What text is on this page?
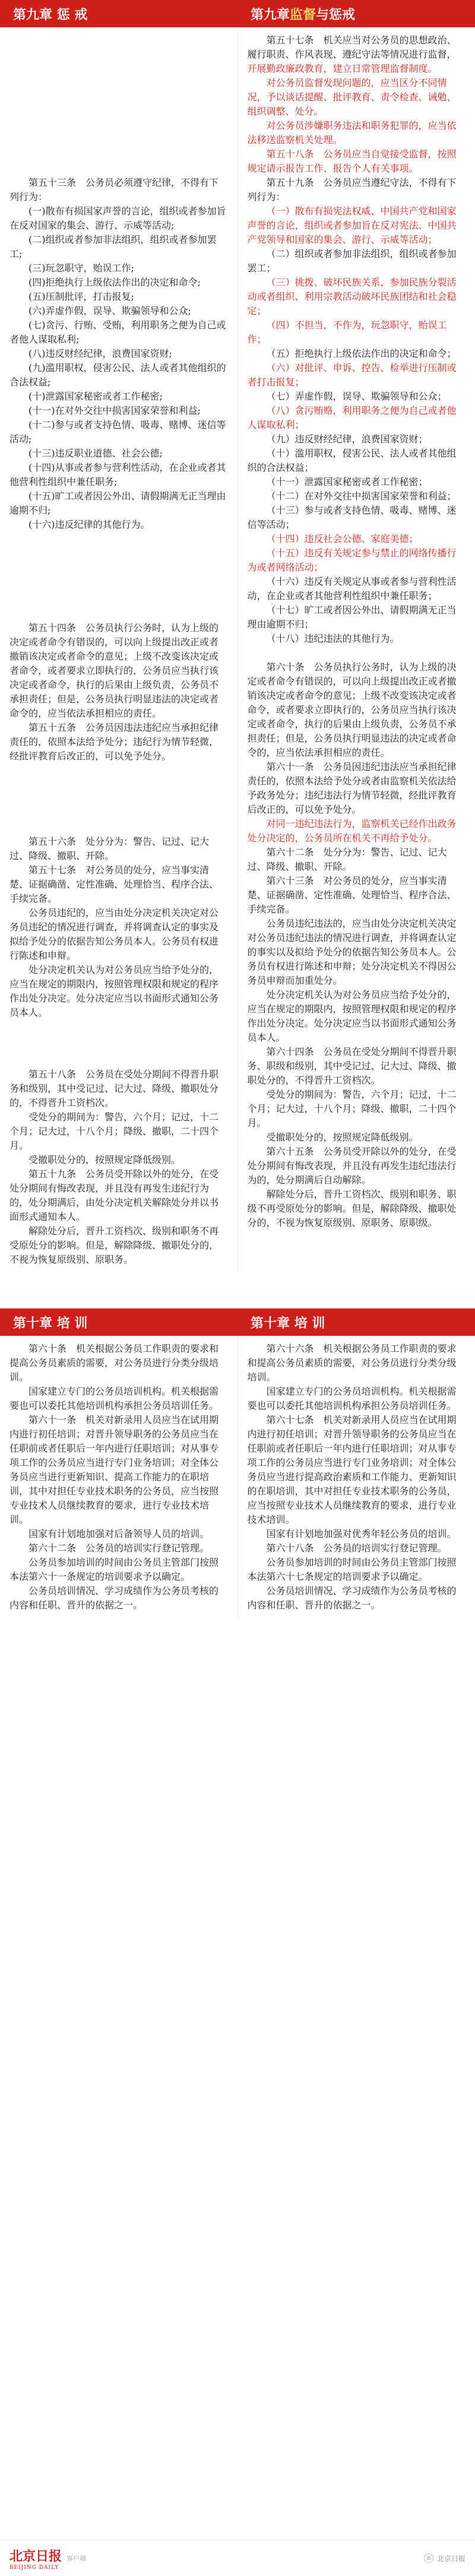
第九章 惩 戒	第九章 监督 与惩戒

第五十三条　公务员必须遵守纪律，不得有下列行为：

(一)散布有损国家声誉的言论，组织或者参加旨在反对国家的集会、游行、示威等活动;

(二)组织或者参加非法组织，组织或者参加罢工;

(三)玩忽职守，贻误工作;

(四)拒绝执行上级依法作出的决定和命令;

(五)压制批评，打击报复;

(六)弄虚作假，误导、欺骗领导和公众;

(七)贪污、行贿、受贿，利用职务之便为自己或者他人谋取私利;

(八)违反财经纪律，浪费国家资财;

(九)滥用职权，侵害公民、法人或者其他组织的合法权益;

(十)泄露国家秘密或者工作秘密;

(十一)在对外交往中损害国家荣誉和利益;

(十二)参与或者支持色情、吸毒、赌博、迷信等活动;

(十三)违反职业道德、社会公德;

(十四)从事或者参与营利性活动，在企业或者其他营利性组织中兼任职务;

(十五)旷工或者因公外出、请假期满无正当理由逾期不归;

(十六)违反纪律的其他行为。

第五十四条　公务员执行公务时，认为上级的决定或者命令有错误的，可以向上级提出改正或者撤销该决定或者命令的意见；上级不改变该决定或者命令，或者要求立即执行的，公务员应当执行该决定或者命令，执行的后果由上级负责，公务员不承担责任；但是，公务员执行明显违法的决定或者命令的，应当依法承担相应的责任。

第五十五条　公务员因违法违纪应当承担纪律责任的，依照本法给予处分；违纪行为情节轻微，经批评教育后改正的，可以免予处分。

第五十六条　处分分为：警告、记过、记大过、降级、撤职、开除。

第五十七条　对公务员的处分，应当事实清楚、证据确凿、定性准确、处理恰当、程序合法、手续完备。

公务员违纪的，应当由处分决定机关决定对公务员违纪的情况进行调查，并将调查认定的事实及拟给予处分的依据告知公务员本人。公务员有权进行陈述和申辩。

处分决定机关认为对公务员应当给予处分的，应当在规定的期限内，按照管理权限和规定的程序作出处分决定。处分决定应当以书面形式通知公务员本人。

第五十八条　公务员在受处分期间不得晋升职务和级别，其中受记过、记大过、降级、撤职处分的，不得晋升工资档次。

受处分的期间为：警告，六个月；记过，十二个月；记大过，十八个月；降级、撤职，二十四个月。

受撤职处分的，按照规定降低级别。

第五十九条　公务员受开除以外的处分，在受处分期间有悔改表现，并且没有再发生违纪行为的，处分期满后，由处分决定机关解除处分并以书面形式通知本人。

解除处分后，晋升工资档次、级别和职务不再受原处分的影响。但是，解除降级、撤职处分的，不视为恢复原级别、原职务。

第五十七条　机关应当对公务员的思想政治、履行职责、作风表现、遵纪守法等情况进行监督，开展勤政廉政教育，建立日常管理监督制度。

对公务员监督发现问题的，应当区分不同情况，予以谈话提醒、批评教育、责令检查、诫勉、组织调整、处分。

对公务员涉嫌职务违法和职务犯罪的，应当依法移送监察机关处理。

第五十八条　公务员应当自觉接受监督，按照规定请示报告工作、报告个人有关事项。

第五十九条　公务员应当遵纪守法，不得有下列行为：

（一）散布有损宪法权威、中国共产党和国家声誉的言论，组织或者参加旨在反对宪法、中国共产党领导和国家的集会、游行、示威等活动；

（二）组织或者参加非法组织，组织或者参加罢工；

（三）挑拨、破坏民族关系，参加民族分裂活动或者组织、利用宗教活动破坏民族团结和社会稳定；

（四）不担当，不作为，玩忽职守，贻误工作；

（五）拒绝执行上级依法作出的决定和命令；

（六）对批评、申诉、控告、检举进行压制或者打击报复；

（七）弄虚作假，误导、欺骗领导和公众；

（八）贪污贿赂，利用职务之便为自己或者他人谋取私利；

（九）违反财经纪律，浪费国家资财；

（十）滥用职权，侵害公民、法人或者其他组织的合法权益；

（十一）泄露国家秘密或者工作秘密；

（十二）在对外交往中损害国家荣誉和利益；

（十三）参与或者支持色情、吸毒、赌博、迷信等活动；

（十四）违反社会公德、家庭美德；

（十五）违反有关规定参与禁止的网络传播行为或者网络活动；

（十六）违反有关规定从事或者参与营利性活动，在企业或者其他营利性组织中兼任职务；

（十七）旷工或者因公外出、请假期满无正当理由逾期不归；

（十八）违纪违法的其他行为。

第六十条　公务员执行公务时，认为上级的决定或者命令有错误的，可以向上级提出改正或者撤销该决定或者命令的意见；上级不改变该决定或者命令，或者要求立即执行的，公务员应当执行该决定或者命令，执行的后果由上级负责，公务员不承担责任；但是，公务员执行明显违法的决定或者命令的，应当依法承担相应的责任。

第六十一条　公务员因违纪违法应当承担纪律责任的，依照本法给予处分或者由监察机关依法给予政务处分；违纪违法行为情节轻微，经批评教育后改正的，可以免予处分。

对同一违纪违法行为，监察机关已经作出政务处分决定的，公务员所在机关不再给予处分。

第六十二条　处分分为：警告、记过、记大过、降级、撤职、开除。

第六十三条　对公务员的处分，应当事实清楚、证据确凿、定性准确、处理恰当、程序合法、手续完备。

公务员违纪违法的，应当由处分决定机关决定对公务员违纪违法的情况进行调查，并将调查认定的事实以及拟给予处分的依据告知公务员本人。公务员有权进行陈述和申辩；处分决定机关不得因公务员申辩而加重处分。

处分决定机关认为对公务员应当给予处分的，应当在规定的期限内，按照管理权限和规定的程序作出处分决定。处分决定应当以书面形式通知公务员本人。

第六十四条　公务员在受处分期间不得晋升职务、职级和级别，其中受记过、记大过、降级、撤职处分的，不得晋升工资档次。

受处分的期间为：警告，六个月；记过，十二个月；记大过，十八个月；降级、撤职，二十四个月。

受撤职处分的，按照规定降低级别。

第六十五条　公务员受开除以外的处分，在受处分期间有悔改表现，并且没有再发生违纪违法行为的，处分期满后自动解除。

解除处分后，晋升工资档次、级别和职务、职级不再受原处分的影响。但是，解除降级、撤职处分的，不视为恢复原级别、原职务、原职级。

第十章 培 训	第十章 培 训

第六十条　机关根据公务员工作职责的要求和提高公务员素质的需要，对公务员进行分类分级培训。

国家建立专门的公务员培训机构。机关根据需要也可以委托其他培训机构承担公务员培训任务。

第六十一条　机关对新录用人员应当在试用期内进行初任培训；对晋升领导职务的公务员应当在任职前或者任职后一年内进行任职培训；对从事专项工作的公务员应当进行专门业务培训；对全体公务员应当进行更新知识、提高工作能力的在职培训，其中对担任专业技术职务的公务员，应当按照专业技术人员继续教育的要求，进行专业技术培训。

国家有计划地加强对后备领导人员的培训。

第六十二条　公务员的培训实行登记管理。

公务员参加培训的时间由公务员主管部门按照本法第六十一条规定的培训要求予以确定。

公务员培训情况、学习成绩作为公务员考核的内容和任职、晋升的依据之一。

第六十六条　机关根据公务员工作职责的要求和提高公务员素质的需要，对公务员进行分类分级培训。

国家建立专门的公务员培训机构。机关根据需要也可以委托其他培训机构承担公务员培训任务。

第六十七条　机关对新录用人员应当在试用期内进行初任培训；对晋升领导职务的公务员应当在任职前或者任职后一年内进行任职培训；对从事专项工作的公务员应当进行专门业务培训；对全体公务员应当进行提高政治素质和工作能力、更新知识的在职培训，其中对担任专业技术职务的公务员，应当按照专业技术人员继续教育的要求，进行专业技术培训。

国家有计划地加强对优秀年轻公务员的培训。

第六十八条　公务员的培训实行登记管理。

公务员参加培训的时间由公务员主管部门按照本法第六十七条规定的培训要求予以确定。

公务员培训情况、学习成绩作为公务员考核的内容和任职、晋升的依据之一。

北京日报
BEIJING DAILY
客户端	◎ 北京日报
